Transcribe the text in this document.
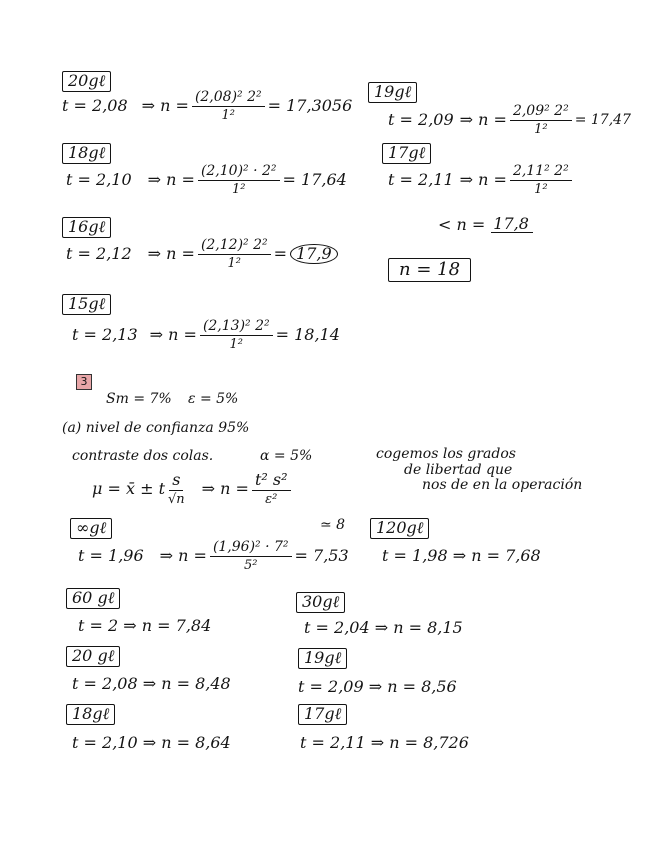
20gℓ
t = 2,08 ⇒ $n = \frac{\text{(2,08)² 2²}}{\text{1²}} = 17,3056$
18gℓ
t = 2,10 ⇒ $n = \frac{\text{(2,10)² · 2²}}{\text{1²}} = 17,64$
16gℓ
t = 2,12 ⇒ $n = \frac{\text{(2,12)² 2²}}{\text{1²}} = 17,9$
15gℓ
t = 2,13 ⇒ $n = \frac{\text{(2,13)² 2²}}{\text{1²}} = 18,14$
19gℓ
t = 2,09 ⇒ $n = \frac{\text{2,09² 2²}}{\text{1²}} = 17,47$
17gℓ
t = 2,11 ⇒ $n = \frac{\text{2,11² 2²}}{\text{1²}}$
< n = 17,8
n = 18
3
Sm = 7% ε = 5%
(a) nivel de confianza 95%
contraste dos colas.	α = 5%
μ = x̄ ± t $\frac{s}{√n}$ ⇒ $n = \frac{\text{t² s²}}{\text{ε²}}$
cogemos los grados
de libertad que
nos de en la operación
∞gℓ
t = 1,96 ⇒ $n = \frac{\text{(1,96)² · 7²}}{\text{5²}} = 7,53$
≃ 8	120gℓ
t = 1,98 ⇒ n = 7,68
60 gℓ
t = 2 ⇒ n = 7,84
30gℓ
t = 2,04 ⇒ n = 8,15
20 gℓ
t = 2,08 ⇒ n = 8,48
19gℓ
t = 2,09 ⇒ n = 8,56
18gℓ
t = 2,10 ⇒ n = 8,64
17gℓ
t = 2,11 ⇒ n = 8,726
